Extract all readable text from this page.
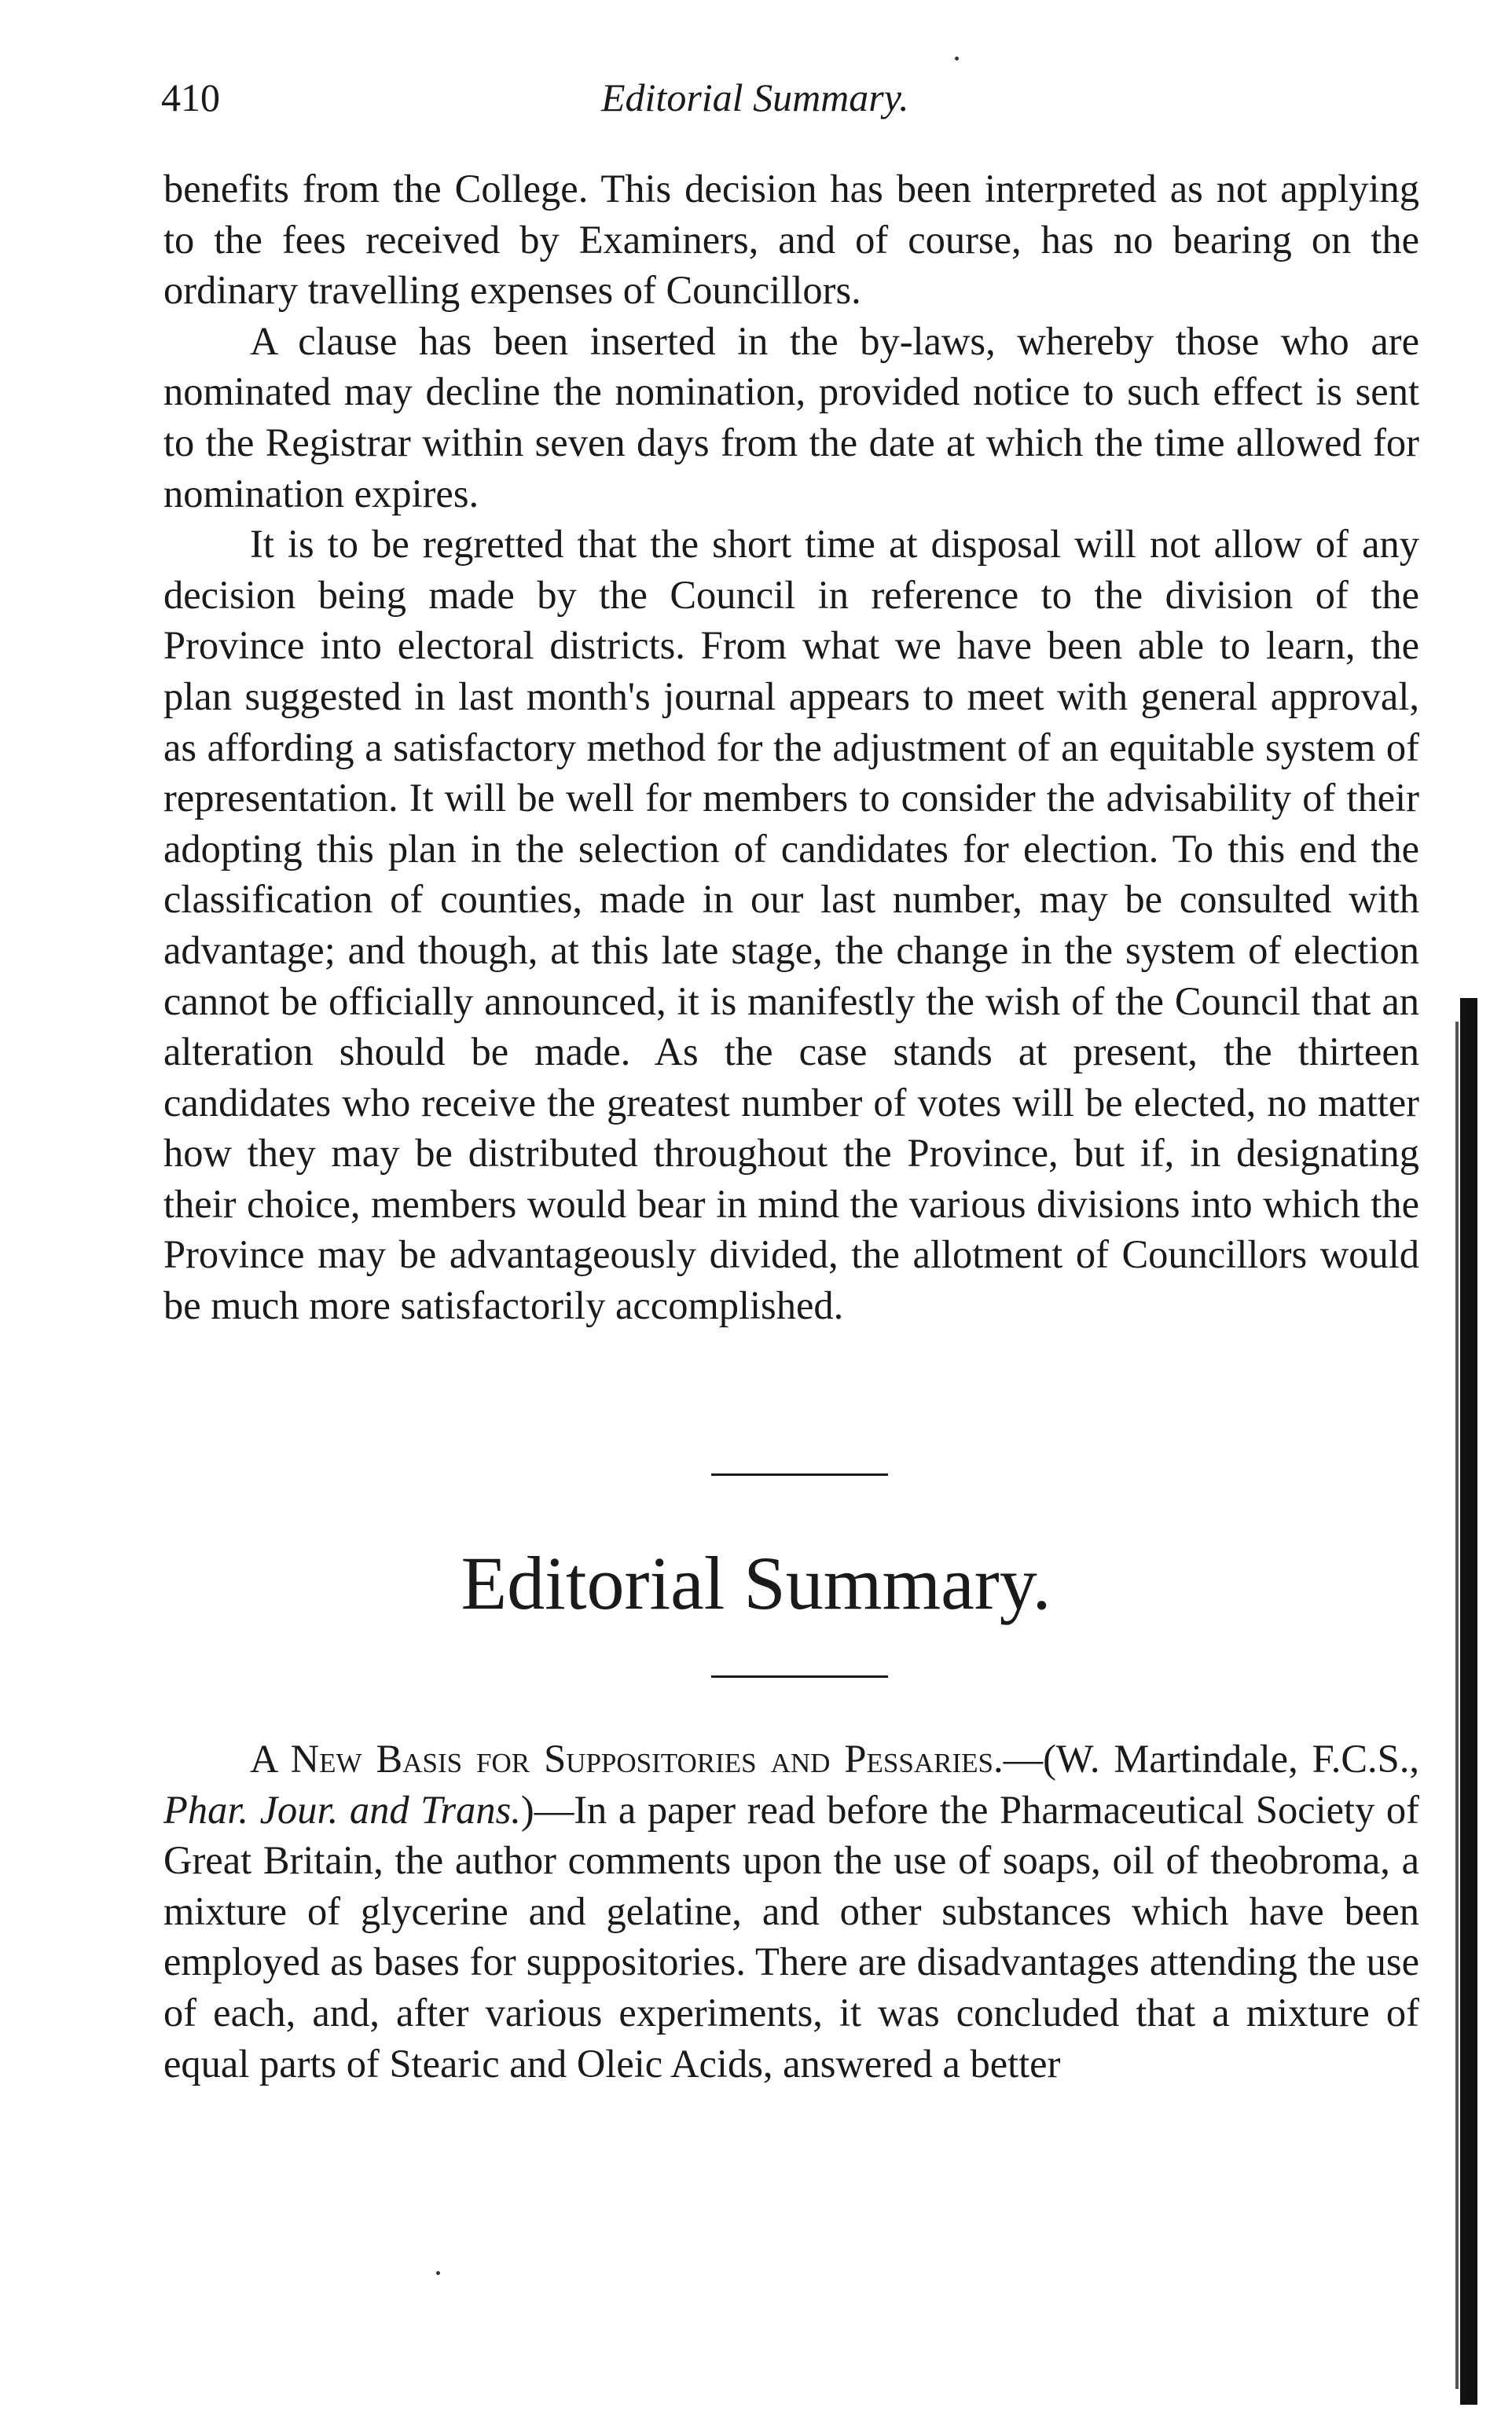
410	Editorial Summary.

benefits from the College. This decision has been interpreted as not applying to the fees received by Examiners, and of course, has no bearing on the ordinary travelling expenses of Councillors.

A clause has been inserted in the by-laws, whereby those who are nominated may decline the nomination, provided notice to such effect is sent to the Registrar within seven days from the date at which the time allowed for nomination expires.

It is to be regretted that the short time at disposal will not allow of any decision being made by the Council in reference to the division of the Province into electoral districts. From what we have been able to learn, the plan suggested in last month's journal appears to meet with general approval, as affording a satisfactory method for the adjustment of an equitable system of representation. It will be well for members to consider the advisability of their adopting this plan in the selection of candidates for election. To this end the classification of counties, made in our last number, may be consulted with advantage; and though, at this late stage, the change in the system of election cannot be officially announced, it is manifestly the wish of the Council that an alteration should be made. As the case stands at present, the thirteen candidates who receive the greatest number of votes will be elected, no matter how they may be distributed throughout the Province, but if, in designating their choice, members would bear in mind the various divisions into which the Province may be advantageously divided, the allotment of Councillors would be much more satisfactorily accomplished.

Editorial Summary.

A New Basis for Suppositories and Pessaries.—(W. Martindale, F.C.S., Phar. Jour. and Trans.)—In a paper read before the Pharmaceutical Society of Great Britain, the author comments upon the use of soaps, oil of theobroma, a mixture of glycerine and gelatine, and other substances which have been employed as bases for suppositories. There are disadvantages attending the use of each, and, after various experiments, it was concluded that a mixture of equal parts of Stearic and Oleic Acids, answered a better
